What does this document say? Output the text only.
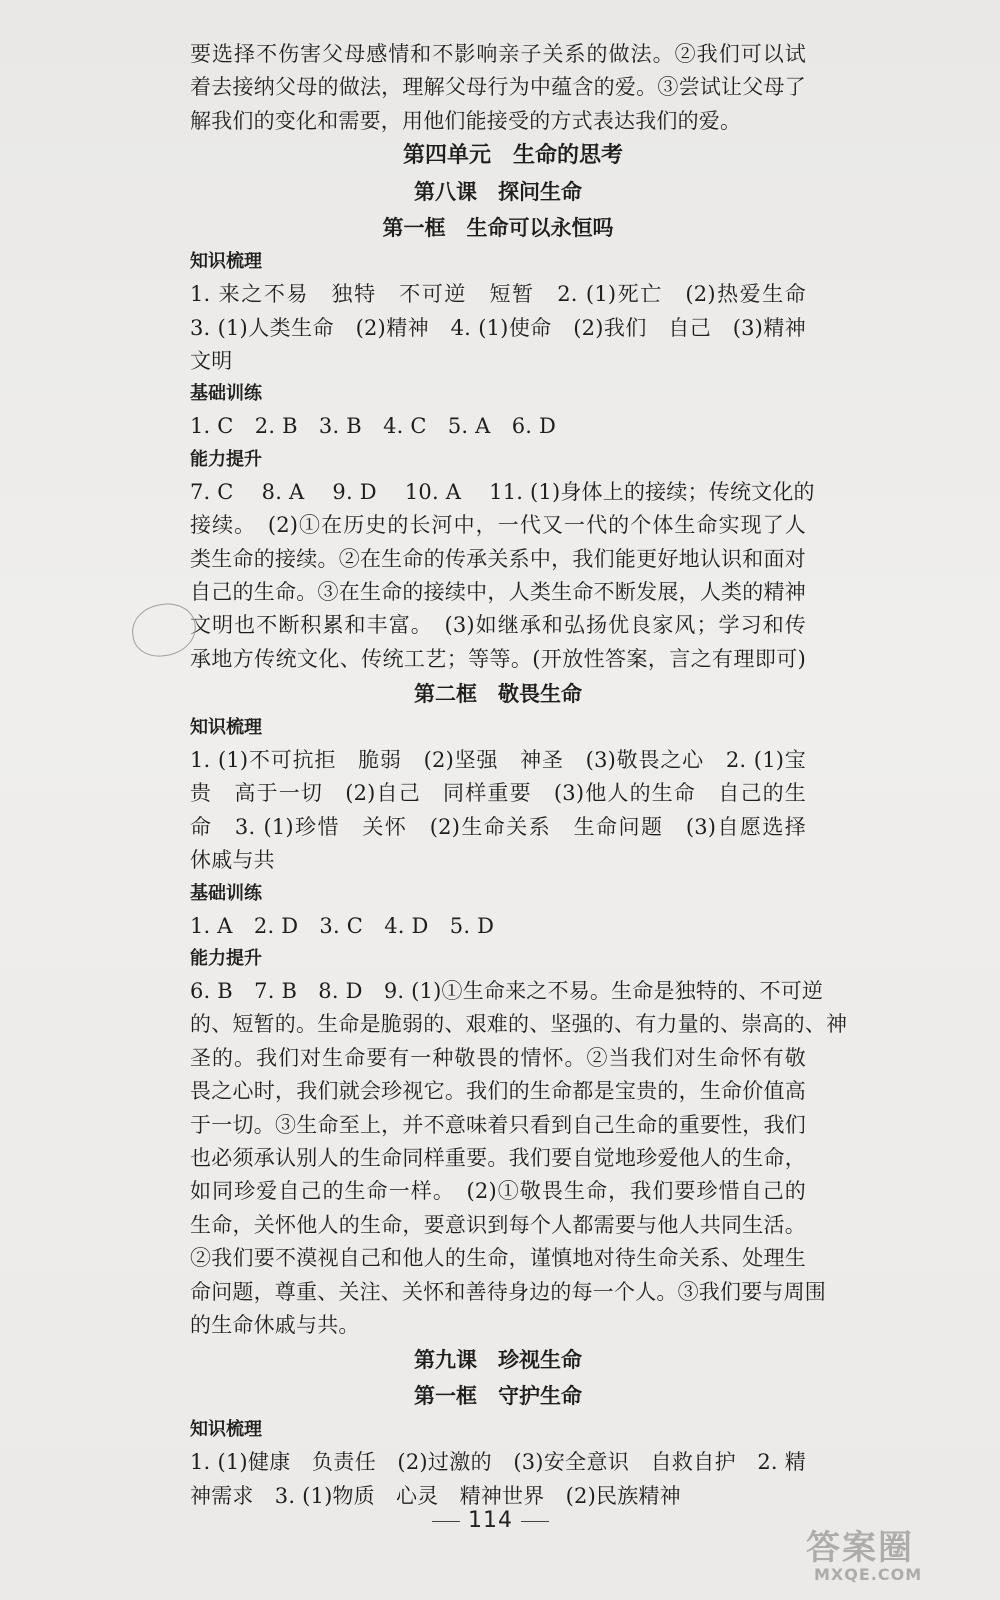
要选择不伤害父母感情和不影响亲子关系的做法。②我们可以试
着去接纳父母的做法，理解父母行为中蕴含的爱。③尝试让父母了
解我们的变化和需要，用他们能接受的方式表达我们的爱。
第四单元　生命的思考
第八课　探问生命
第一框　生命可以永恒吗
知识梳理
1. 来之不易　独特　不可逆　短暂　2. (1)死亡　(2)热爱生命
3. (1)人类生命　(2)精神　4. (1)使命　(2)我们　自己　(3)精神
文明
基础训练
1. C　2. B　3. B　4. C　5. A　6. D
能力提升
7. C　 8. A　 9. D　 10. A　 11. (1)身体上的接续；传统文化的
接续。　(2)①在历史的长河中，一代又一代的个体生命实现了人
类生命的接续。②在生命的传承关系中，我们能更好地认识和面对
自己的生命。③在生命的接续中，人类生命不断发展，人类的精神
文明也不断积累和丰富。　(3)如继承和弘扬优良家风；学习和传
承地方传统文化、传统工艺；等等。(开放性答案，言之有理即可)
第二框　敬畏生命
知识梳理
1. (1)不可抗拒　脆弱　(2)坚强　神圣　(3)敬畏之心　2. (1)宝
贵　高于一切　(2)自己　同样重要　(3)他人的生命　自己的生
命　3. (1)珍惜　关怀　(2)生命关系　生命问题　(3)自愿选择
休戚与共
基础训练
1. A　2. D　3. C　4. D　5. D
能力提升
6. B　7. B　8. D　9. (1)①生命来之不易。生命是独特的、不可逆
的、短暂的。生命是脆弱的、艰难的、坚强的、有力量的、崇高的、神
圣的。我们对生命要有一种敬畏的情怀。②当我们对生命怀有敬
畏之心时，我们就会珍视它。我们的生命都是宝贵的，生命价值高
于一切。③生命至上，并不意味着只看到自己生命的重要性，我们
也必须承认别人的生命同样重要。我们要自觉地珍爱他人的生命，
如同珍爱自己的生命一样。　(2)①敬畏生命，我们要珍惜自己的
生命，关怀他人的生命，要意识到每个人都需要与他人共同生活。
②我们要不漠视自己和他人的生命，谨慎地对待生命关系、处理生
命问题，尊重、关注、关怀和善待身边的每一个人。③我们要与周围
的生命休戚与共。
第九课　珍视生命
第一框　守护生命
知识梳理
1. (1)健康　负责任　(2)过激的　(3)安全意识　自救自护　2. 精
神需求　3. (1)物质　心灵　精神世界　(2)民族精神
114
答案圈
MXQE.COM
